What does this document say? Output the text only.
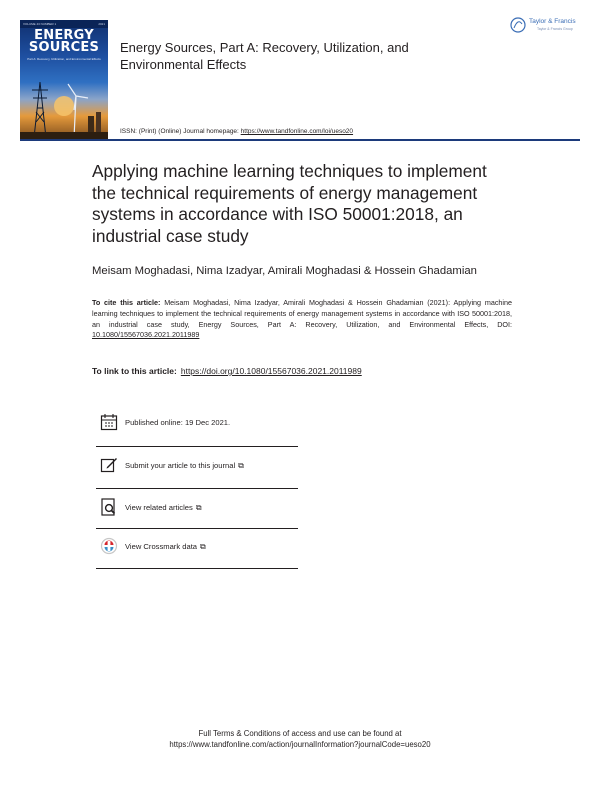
VOLUME 43 NUMBER 1	2021
ENERGY
SOURCES
Part A: Recovery, Utilization, and Environmental Effects
Energy Sources, Part A: Recovery, Utilization, and Environmental Effects
Taylor & Francis
Taylor & Francis Group
ISSN: (Print) (Online) Journal homepage: https://www.tandfonline.com/loi/ueso20
Applying machine learning techniques to implement the technical requirements of energy management systems in accordance with ISO 50001:2018, an industrial case study
Meisam Moghadasi, Nima Izadyar, Amirali Moghadasi & Hossein Ghadamian
To cite this article: Meisam Moghadasi, Nima Izadyar, Amirali Moghadasi & Hossein Ghadamian (2021): Applying machine learning techniques to implement the technical requirements of energy management systems in accordance with ISO 50001:2018, an industrial case study, Energy Sources, Part A: Recovery, Utilization, and Environmental Effects, DOI: 10.1080/15567036.2021.2011989
To link to this article: https://doi.org/10.1080/15567036.2021.2011989
Published online: 19 Dec 2021.
Submit your article to this journal ⧉
View related articles ⧉
View Crossmark data ⧉
Full Terms & Conditions of access and use can be found at
https://www.tandfonline.com/action/journalInformation?journalCode=ueso20
